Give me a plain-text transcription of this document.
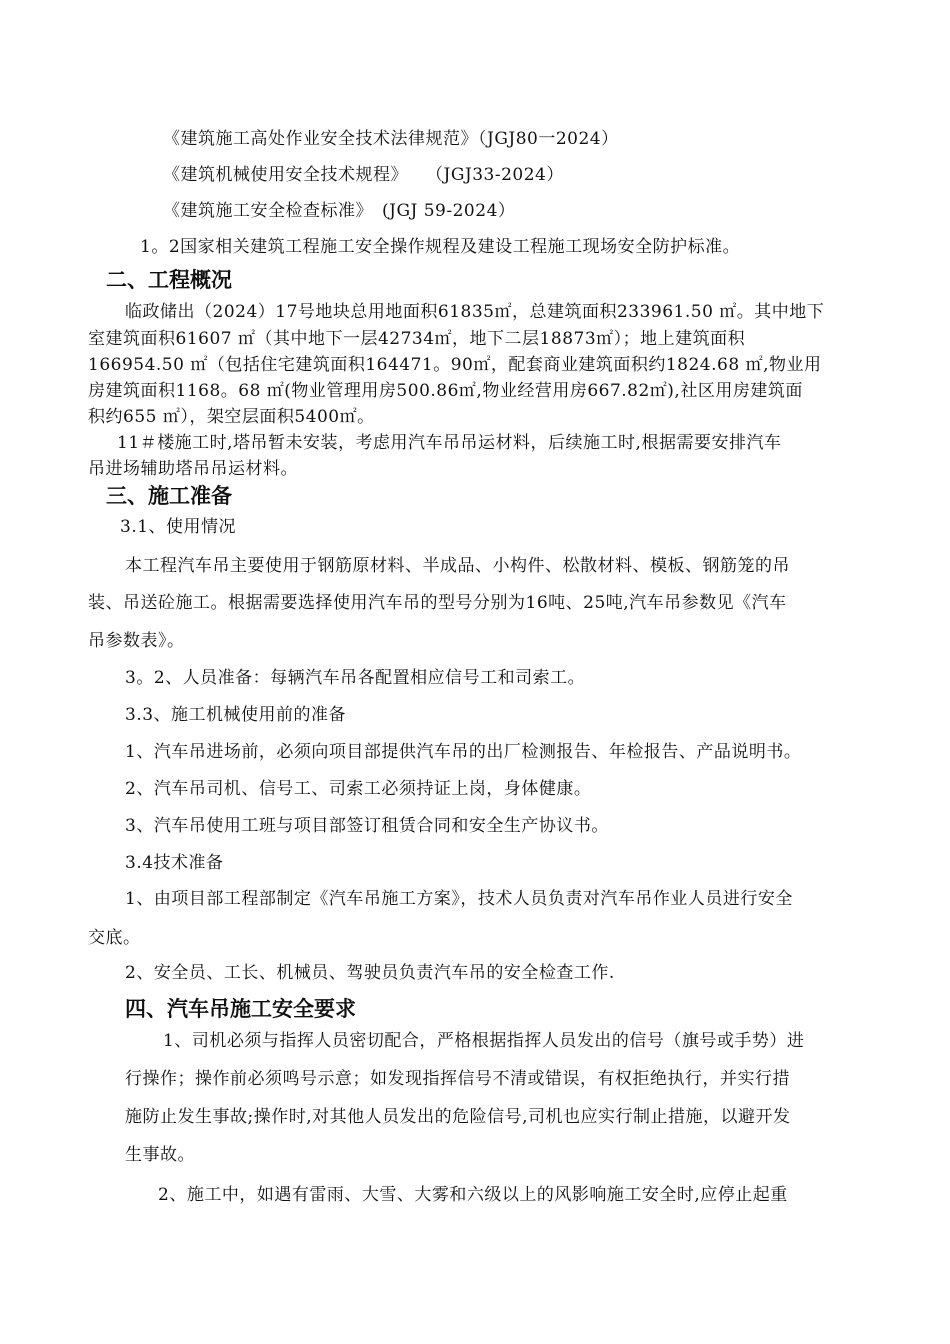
《建筑施工高处作业安全技术法律规范》（JGJ80一2024）
《建筑机械使用安全技术规程》　　（JGJ33-2024）
《建筑施工安全检查标准》　(JGJ 59-2024）
1。2国家相关建筑工程施工安全操作规程及建设工程施工现场安全防护标准。
二、工程概况
临政储出（2024）17号地块总用地面积61835㎡，总建筑面积233961.50 ㎡。其中地下
室建筑面积61607 ㎡（其中地下一层42734㎡，地下二层18873㎡）；地上建筑面积
166954.50 ㎡（包括住宅建筑面积164471。90㎡，配套商业建筑面积约1824.68 ㎡,物业用
房建筑面积1168。68 ㎡(物业管理用房500.86㎡,物业经营用房667.82㎡),社区用房建筑面
积约655 ㎡），架空层面积5400㎡。
11＃楼施工时,塔吊暂未安装，考虑用汽车吊吊运材料，后续施工时,根据需要安排汽车
吊进场辅助塔吊吊运材料。
三、施工准备
3.1、使用情况
本工程汽车吊主要使用于钢筋原材料、半成品、小构件、松散材料、模板、钢筋笼的吊
装、吊送砼施工。根据需要选择使用汽车吊的型号分别为16吨、25吨,汽车吊参数见《汽车
吊参数表》。
3。2、人员准备：每辆汽车吊各配置相应信号工和司索工。
3.3、施工机械使用前的准备
1、汽车吊进场前，必须向项目部提供汽车吊的出厂检测报告、年检报告、产品说明书。
2、汽车吊司机、信号工、司索工必须持证上岗，身体健康。
3、汽车吊使用工班与项目部签订租赁合同和安全生产协议书。
3.4技术准备
1、由项目部工程部制定《汽车吊施工方案》，技术人员负责对汽车吊作业人员进行安全
交底。
2、安全员、工长、机械员、驾驶员负责汽车吊的安全检查工作.
四、汽车吊施工安全要求
1、司机必须与指挥人员密切配合，严格根据指挥人员发出的信号（旗号或手势）进
行操作；操作前必须鸣号示意；如发现指挥信号不清或错误，有权拒绝执行，并实行措
施防止发生事故;操作时,对其他人员发出的危险信号,司机也应实行制止措施，以避开发
生事故。
2、施工中，如遇有雷雨、大雪、大雾和六级以上的风影响施工安全时,应停止起重
